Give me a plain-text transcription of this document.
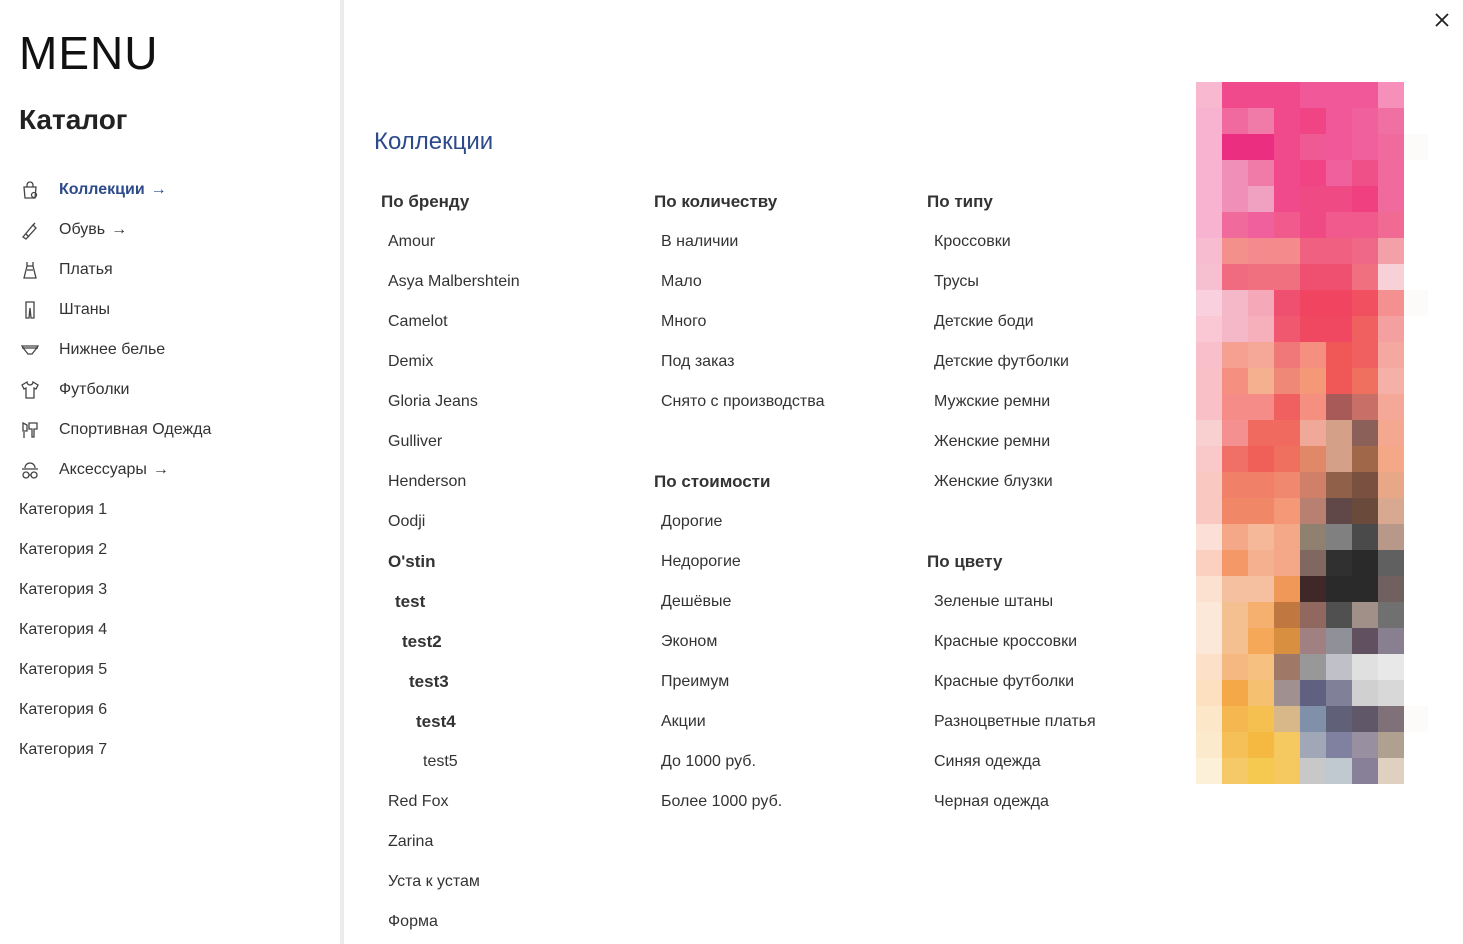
MENU
Каталог
Коллекции →
Обувь →
Платья
Штаны
Нижнее белье
Футболки
Спортивная Одежда
Аксессуары →
Категория 1
Категория 2
Категория 3
Категория 4
Категория 5
Категория 6
Категория 7
Коллекции
По бренду
Amour
Asya Malbershtein
Camelot
Demix
Gloria Jeans
Gulliver
Henderson
Oodji
O'stin
test
test2
test3
test4
test5
Red Fox
Zarina
Уста к устам
Форма
По количеству
В наличии
Мало
Много
Под заказ
Снято с производства
По стоимости
Дорогие
Недорогие
Дешёвые
Эконом
Преимум
Акции
До 1000 руб.
Более 1000 руб.
По типу
Кроссовки
Трусы
Детские боди
Детские футболки
Мужские ремни
Женские ремни
Женские блузки
По цвету
Зеленые штаны
Красные кроссовки
Красные футболки
Разноцветные платья
Синяя одежда
Черная одежда
